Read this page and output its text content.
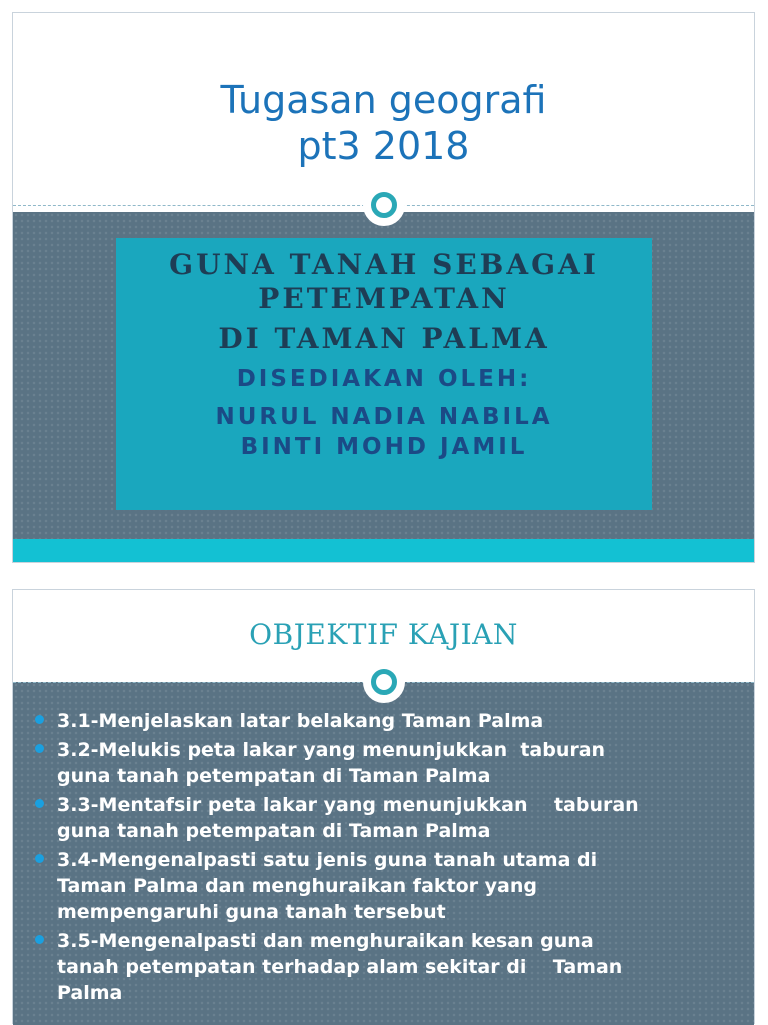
Tugasan geografi
pt3 2018

GUNA TANAH SEBAGAI

PETEMPATAN

DI TAMAN PALMA

DISEDIAKAN OLEH:

NURUL NADIA NABILA

BINTI MOHD JAMIL

OBJEKTIF KAJIAN
3.1-Menjelaskan latar belakang Taman Palma
3.2-Melukis peta lakar yang menunjukkan  taburan
guna tanah petempatan di Taman Palma
3.3-Mentafsir peta lakar yang menunjukkan    taburan
guna tanah petempatan di Taman Palma
3.4-Mengenalpasti satu jenis guna tanah utama di
Taman Palma dan menghuraikan faktor yang
mempengaruhi guna tanah tersebut
3.5-Mengenalpasti dan menghuraikan kesan guna
tanah petempatan terhadap alam sekitar di    Taman
Palma
